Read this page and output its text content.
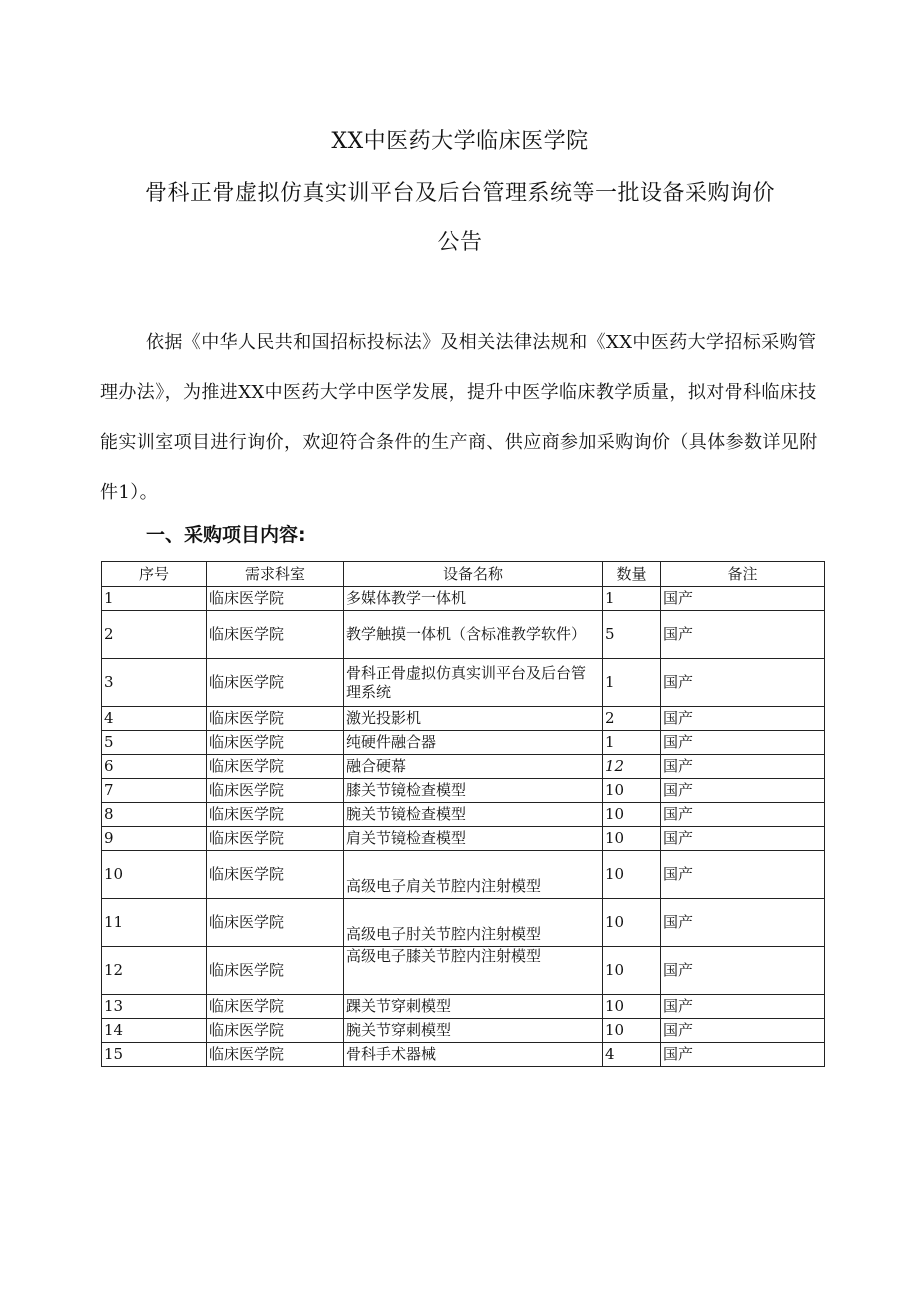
XX中医药大学临床医学院
骨科正骨虚拟仿真实训平台及后台管理系统等一批设备采购询价
公告
依据《中华人民共和国招标投标法》及相关法律法规和《XX中医药大学招标采购管理办法》，为推进XX中医药大学中医学发展，提升中医学临床教学质量，拟对骨科临床技能实训室项目进行询价，欢迎符合条件的生产商、供应商参加采购询价（具体参数详见附件1）。
一、采购项目内容:
序号	需求科室	设备名称	数量	备注
1	临床医学院	多媒体教学一体机	1	国产
2	临床医学院	教学触摸一体机（含标准教学软件）	5	国产
3	临床医学院	骨科正骨虚拟仿真实训平台及后台管理系统	1	国产
4	临床医学院	激光投影机	2	国产
5	临床医学院	纯硬件融合器	1	国产
6	临床医学院	融合硬幕	12	国产
7	临床医学院	膝关节镜检查模型	10	国产
8	临床医学院	腕关节镜检查模型	10	国产
9	临床医学院	肩关节镜检查模型	10	国产
10	临床医学院	高级电子肩关节腔内注射模型	10	国产
11	临床医学院	高级电子肘关节腔内注射模型	10	国产
12	临床医学院	高级电子膝关节腔内注射模型	10	国产
13	临床医学院	踝关节穿刺模型	10	国产
14	临床医学院	腕关节穿刺模型	10	国产
15	临床医学院	骨科手术器械	4	国产
